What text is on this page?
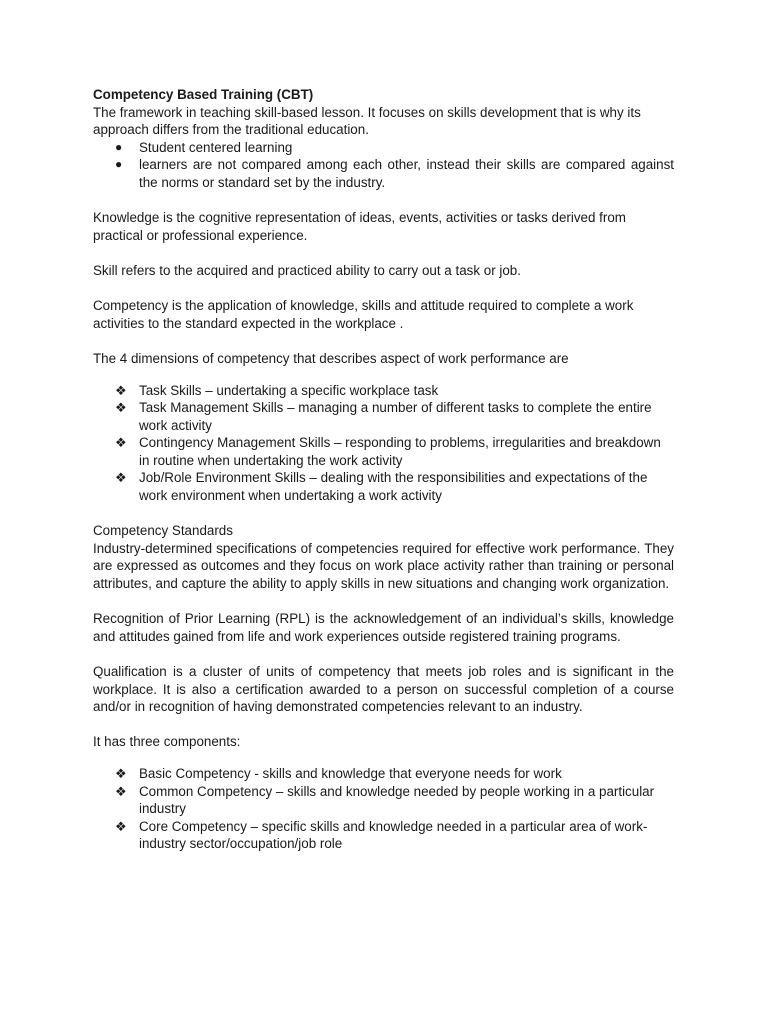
Competency Based Training (CBT)

The framework in teaching skill-based lesson. It focuses on skills development that is why its approach differs from the traditional education.

●	Student centered learning
●	learners are not compared among each other, instead their skills are compared against the norms or standard set by the industry.

Knowledge is the cognitive representation of ideas, events, activities or tasks derived from practical or professional experience.

Skill refers to the acquired and practiced ability to carry out a task or job.

Competency is the application of knowledge, skills and attitude required to complete a work activities to the standard expected in the workplace .

The 4 dimensions of competency that describes aspect of work performance are

❖ Task Skills – undertaking a specific workplace task
❖ Task Management Skills – managing a number of different tasks to complete the entire work activity
❖ Contingency Management Skills – responding to problems, irregularities and breakdown in routine when undertaking the work activity
❖ Job/Role Environment Skills – dealing with the responsibilities and expectations of the work environment when undertaking a work activity

Competency Standards

Industry-determined specifications of competencies required for effective work performance. They are expressed as outcomes and they focus on work place activity rather than training or personal attributes, and capture the ability to apply skills in new situations and changing work organization.

Recognition of Prior Learning (RPL) is the acknowledgement of an individual’s skills, knowledge and attitudes gained from life and work experiences outside registered training programs.

Qualification is a cluster of units of competency that meets job roles and is significant in the workplace. It is also a certification awarded to a person on successful completion of a course and/or in recognition of having demonstrated competencies relevant to an industry.

It has three components:

❖ Basic Competency - skills and knowledge that everyone needs for work
❖ Common Competency – skills and knowledge needed by people working in a particular industry
❖ Core Competency – specific skills and knowledge needed in a particular area of work-industry sector/occupation/job role
